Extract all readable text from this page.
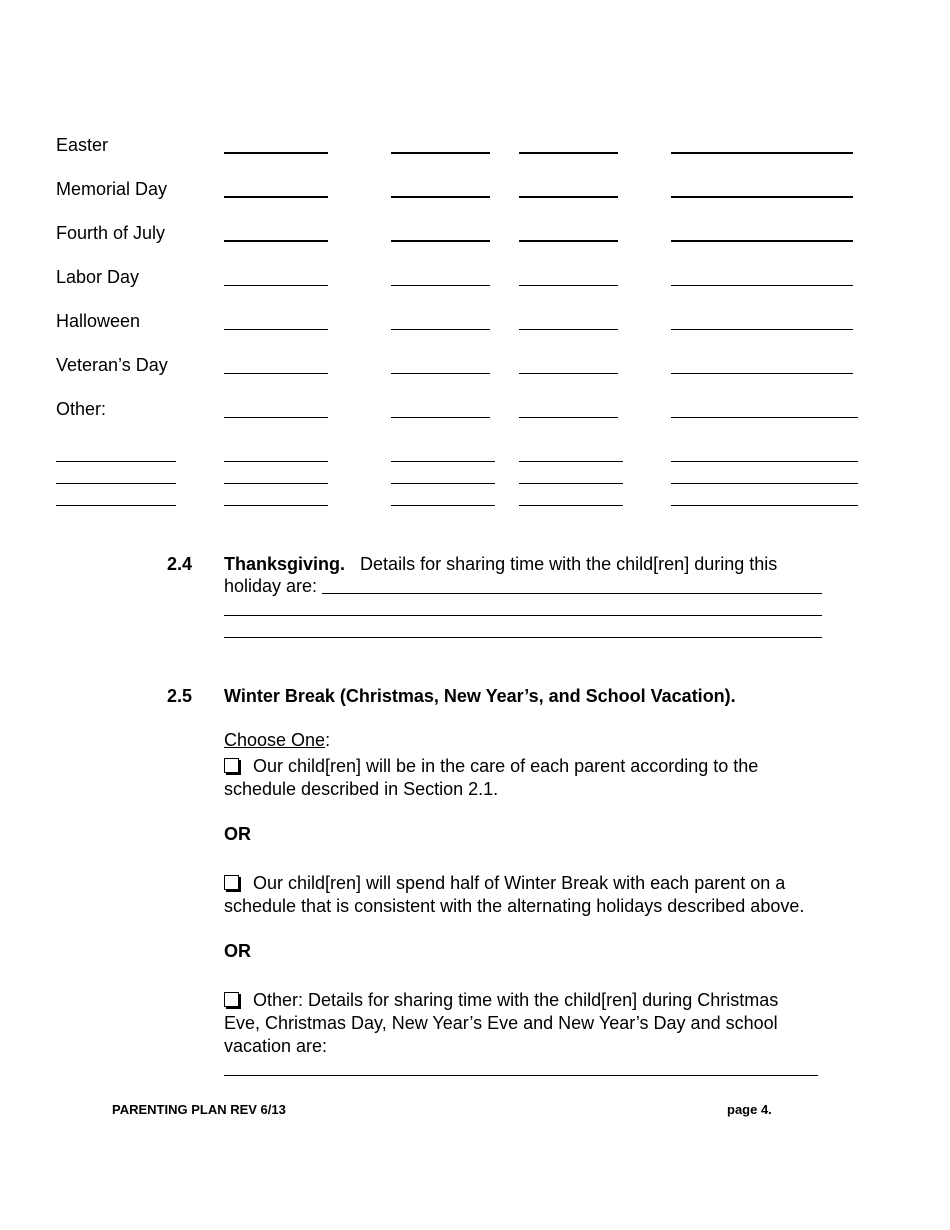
Easter
Memorial Day
Fourth of July
Labor Day
Halloween
Veteran’s Day
Other:
2.4 Thanksgiving. Details for sharing time with the child[ren] during this
holiday are:
2.5 Winter Break (Christmas, New Year’s, and School Vacation).
Choose One:
Our child[ren] will be in the care of each parent according to the
schedule described in Section 2.1.
OR
Our child[ren] will spend half of Winter Break with each parent on a
schedule that is consistent with the alternating holidays described above.
OR
Other: Details for sharing time with the child[ren] during Christmas
Eve, Christmas Day, New Year’s Eve and New Year’s Day and school
vacation are:
PARENTING PLAN REV 6/13	page 4.
